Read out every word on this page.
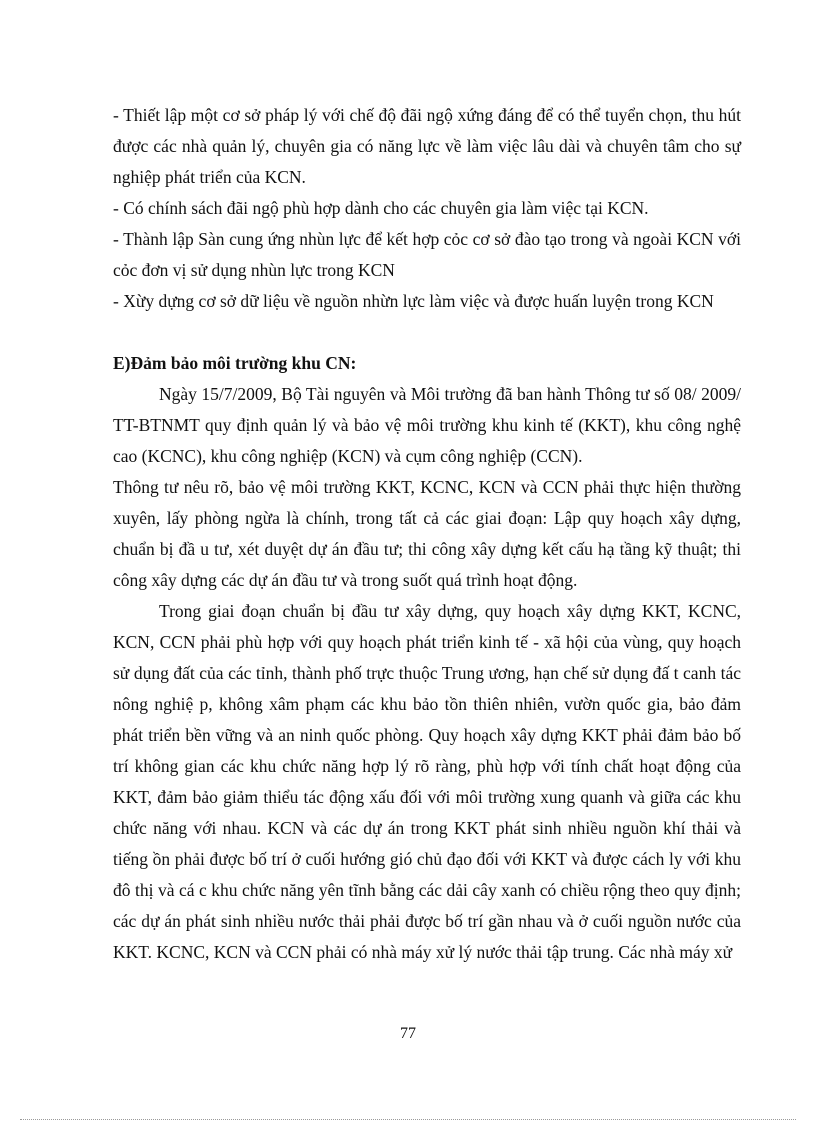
- Thiết lập một cơ sở pháp lý với chế độ đãi ngộ xứng đáng để có thể tuyển chọn, thu hút được các nhà quản lý, chuyên gia có năng lực về làm việc lâu dài và chuyên tâm cho sự nghiệp phát triển của KCN.

- Có chính sách đãi ngộ phù hợp dành cho các chuyên gia làm việc tại KCN.

- Thành lập Sàn cung ứng nhùn lực để kết hợp cỏc cơ sở đào tạo trong và ngoài KCN với cỏc đơn vị sử dụng nhùn lực trong KCN

- Xừy dựng cơ sở dữ liệu về nguồn nhừn lực làm việc và được huấn luyện trong KCN

E)Đảm bảo môi trường khu CN:

Ngày 15/7/2009, Bộ Tài nguyên và Môi trường đã ban hành Thông tư số 08/ 2009/ TT-BTNMT quy định quản lý và bảo vệ môi trường khu kinh tế (KKT), khu công nghệ cao (KCNC), khu công nghiệp (KCN) và cụm công nghiệp (CCN).

Thông tư nêu rõ, bảo vệ môi trường KKT, KCNC, KCN và CCN phải thực hiện thường xuyên, lấy phòng ngừa là chính, trong tất cả các giai đoạn: Lập quy hoạch xây dựng, chuẩn bị đầ u tư, xét duyệt dự án đầu tư; thi công xây dựng kết cấu hạ tầng kỹ thuật; thi công xây dựng các dự án đầu tư và trong suốt quá trình hoạt động.

Trong giai đoạn chuẩn bị đầu tư xây dựng, quy hoạch xây dựng KKT, KCNC, KCN, CCN phải phù hợp với quy hoạch phát triển kinh tế - xã hội của vùng, quy hoạch sử dụng đất của các tỉnh, thành phố trực thuộc Trung ương, hạn chế sử dụng đấ t canh tác nông nghiệ p, không xâm phạm các khu bảo tồn thiên nhiên, vườn quốc gia, bảo đảm phát triển bền vững và an ninh quốc phòng. Quy hoạch xây dựng KKT phải đảm bảo bố trí không gian các khu chức năng hợp lý rõ ràng, phù hợp với tính chất hoạt động của KKT, đảm bảo giảm thiểu tác động xấu đối với môi trường xung quanh và giữa các khu chức năng với nhau. KCN và các dự án trong KKT phát sinh nhiều nguồn khí thải và tiếng ồn phải được bố trí ở cuối hướng gió chủ đạo đối với KKT và được cách ly với khu đô thị và cá c khu chức năng yên tĩnh bằng các dải cây xanh có chiều rộng theo quy định; các dự án phát sinh nhiều nước thải phải được bố trí gần nhau và ở cuối nguồn nước của KKT. KCNC, KCN và CCN phải có nhà máy xử lý nước thải tập trung. Các nhà máy xử

77
